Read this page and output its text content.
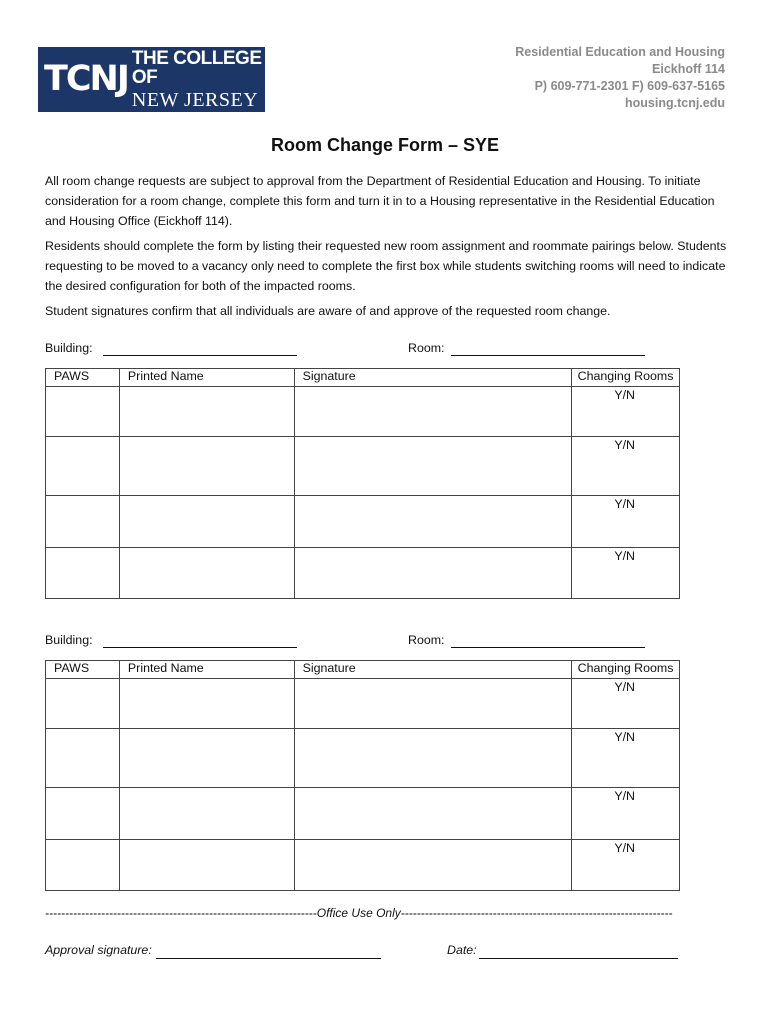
TCNJ
THE COLLEGE OF
NEW JERSEY
Residential Education and Housing
Eickhoff 114
P) 609-771-2301 F) 609-637-5165
housing.tcnj.edu
Room Change Form – SYE
All room change requests are subject to approval from the Department of Residential Education and Housing. To initiate consideration for a room change, complete this form and turn it in to a Housing representative in the Residential Education and Housing Office (Eickhoff 114).
Residents should complete the form by listing their requested new room assignment and roommate pairings below. Students requesting to be moved to a vacancy only need to complete the first box while students switching rooms will need to indicate the desired configuration for both of the impacted rooms.
Student signatures confirm that all individuals are aware of and approve of the requested room change.
Building:	Room:
PAWS	Printed Name	Signature	Changing Rooms
			Y/N
			Y/N
			Y/N
			Y/N
Building:	Room:
PAWS	Printed Name	Signature	Changing Rooms
			Y/N
			Y/N
			Y/N
			Y/N
--------------------------------------------------------------------Office Use Only--------------------------------------------------------------------
Approval signature:	Date:
